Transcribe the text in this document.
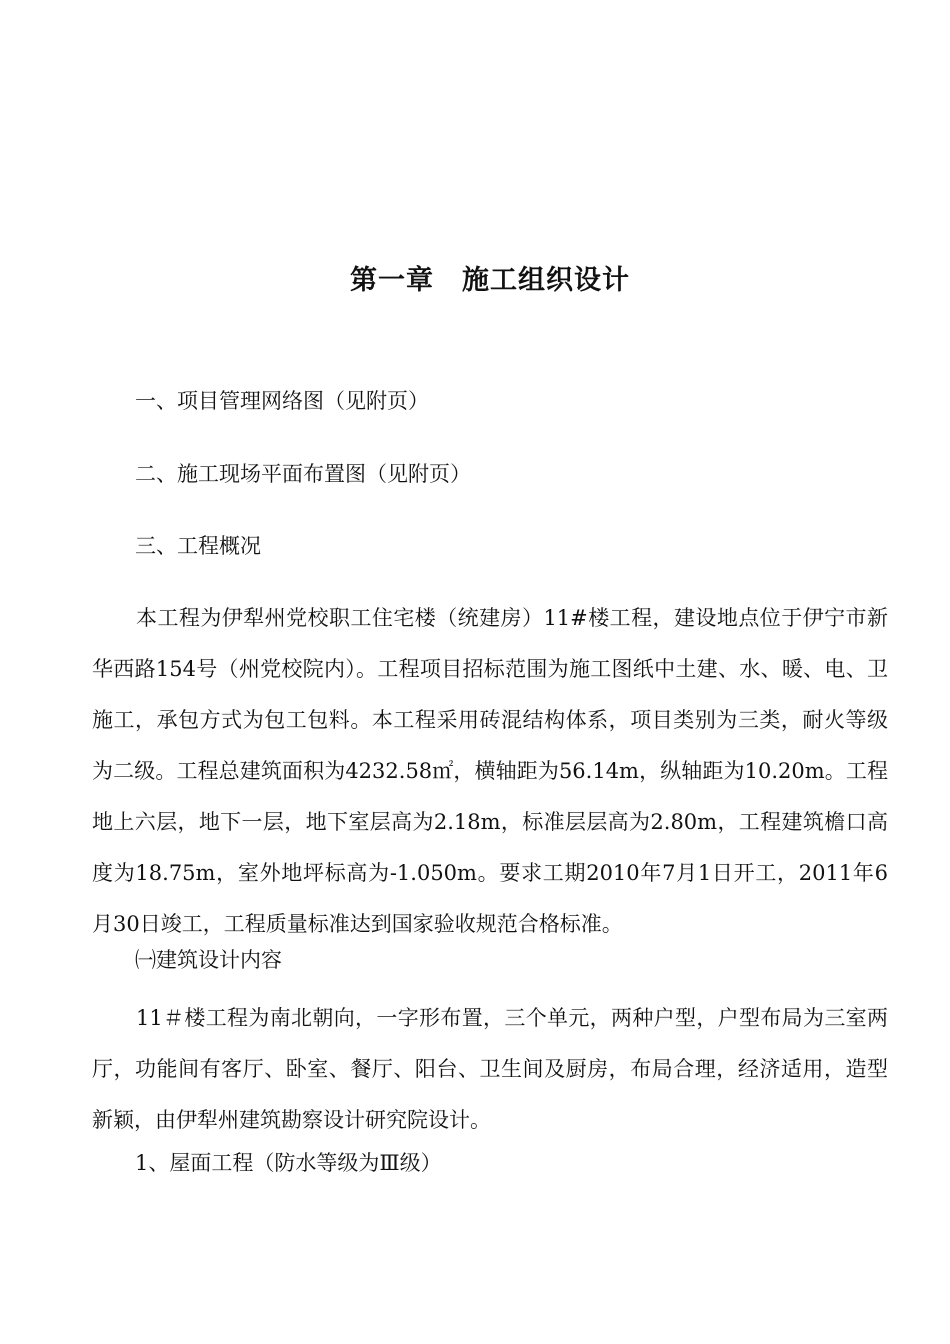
第一章　施工组织设计
一、项目管理网络图（见附页）
二、施工现场平面布置图（见附页）
三、工程概况
本工程为伊犁州党校职工住宅楼（统建房）11#楼工程，建设地点位于伊宁市新华西路154号（州党校院内）。工程项目招标范围为施工图纸中土建、水、暖、电、卫施工，承包方式为包工包料。本工程采用砖混结构体系，项目类别为三类，耐火等级为二级。工程总建筑面积为4232.58㎡，横轴距为56.14m，纵轴距为10.20m。工程地上六层，地下一层，地下室层高为2.18m，标准层层高为2.80m，工程建筑檐口高度为18.75m，室外地坪标高为-1.050m。要求工期2010年7月1日开工，2011年6月30日竣工，工程质量标准达到国家验收规范合格标准。
㈠建筑设计内容
11＃楼工程为南北朝向，一字形布置，三个单元，两种户型，户型布局为三室两厅，功能间有客厅、卧室、餐厅、阳台、卫生间及厨房，布局合理，经济适用，造型新颖，由伊犁州建筑勘察设计研究院设计。
1、屋面工程（防水等级为Ⅲ级）
